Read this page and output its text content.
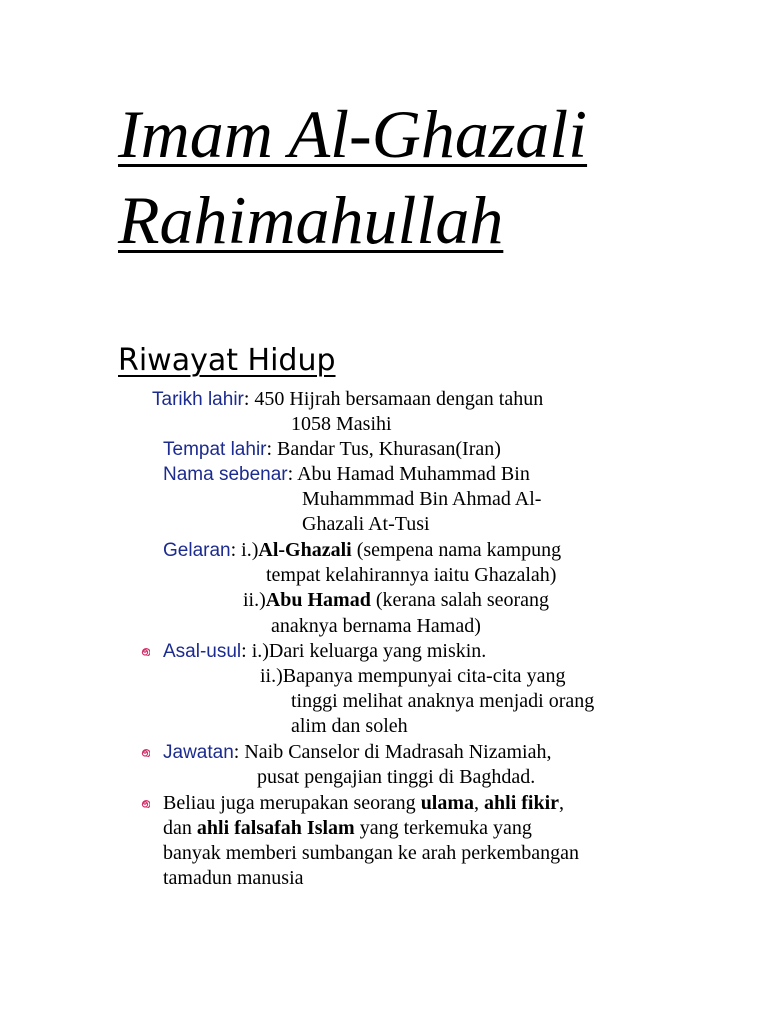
Imam Al-Ghazali
Rahimahullah
Riwayat Hidup
Tarikh lahir: 450 Hijrah bersamaan dengan tahun
1058 Masihi
Tempat lahir: Bandar Tus, Khurasan(Iran)
Nama sebenar: Abu Hamad Muhammad Bin
Muhammmad Bin Ahmad Al-
Ghazali At-Tusi
Gelaran: i.)Al-Ghazali (sempena nama kampung
tempat kelahirannya iaitu Ghazalah)
ii.)Abu Hamad (kerana salah seorang
anaknya bernama Hamad)
Asal-usul: i.)Dari keluarga yang miskin.
ii.)Bapanya mempunyai cita-cita yang
tinggi melihat anaknya menjadi orang
alim dan soleh
Jawatan: Naib Canselor di Madrasah Nizamiah,
pusat pengajian tinggi di Baghdad.
Beliau juga merupakan seorang ulama, ahli fikir,
dan ahli falsafah Islam yang terkemuka yang
banyak memberi sumbangan ke arah perkembangan
tamadun manusia
